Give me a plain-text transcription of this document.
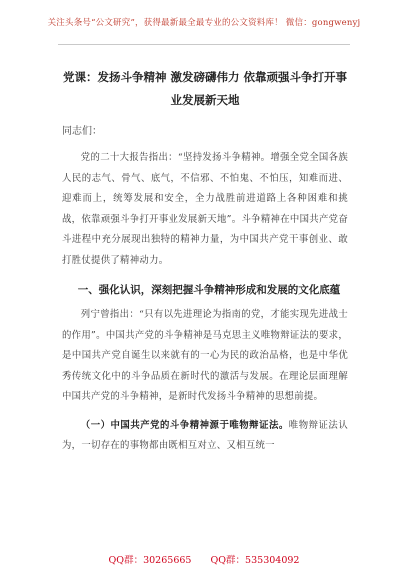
关注头条号“公文研究”，获得最新最全最专业的公文资料库！ 微信：gongwenyj
党课：发扬斗争精神 激发磅礴伟力 依靠顽强斗争打开事业发展新天地

同志们：

党的二十大报告指出：“坚持发扬斗争精神。增强全党全国各族人民的志气、骨气、底气，不信邪、不怕鬼、不怕压，知难而进、迎难而上，统筹发展和安全，全力战胜前进道路上各种困难和挑战，依靠顽强斗争打开事业发展新天地”。斗争精神在中国共产党奋斗进程中充分展现出独特的精神力量，为中国共产党干事创业、敢打胜仗提供了精神动力。

一、强化认识，深刻把握斗争精神形成和发展的文化底蕴

列宁曾指出：“只有以先进理论为指南的党，才能实现先进战士的作用”。中国共产党的斗争精神是马克思主义唯物辩证法的要求，是中国共产党自诞生以来就有的一心为民的政治品格，也是中华优秀传统文化中的斗争品质在新时代的激活与发展。在理论层面理解中国共产党的斗争精神，是新时代发扬斗争精神的思想前提。

（一）中国共产党的斗争精神源于唯物辩证法。唯物辩证法认为，一切存在的事物都由既相互对立、又相互统一

QQ群：30265665 QQ群：535304092
